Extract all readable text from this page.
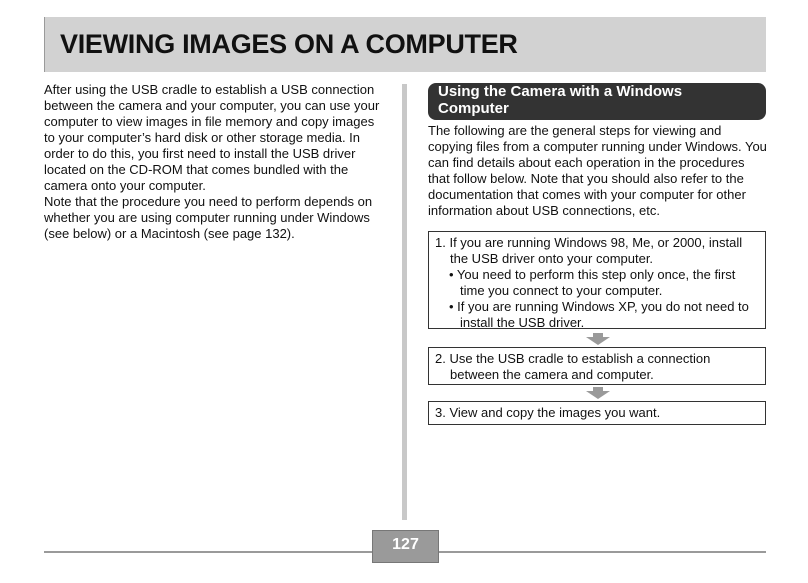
VIEWING IMAGES ON A COMPUTER

After using the USB cradle to establish a USB connection between the camera and your computer, you can use your computer to view images in file memory and copy images to your computer’s hard disk or other storage media. In order to do this, you first need to install the USB driver located on the CD-ROM that comes bundled with the camera onto your computer.

Note that the procedure you need to perform depends on whether you are using computer running under Windows (see below) or a Macintosh (see page 132).

Using the Camera with a Windows
Computer

The following are the general steps for viewing and copying files from a computer running under Windows. You can find details about each operation in the procedures that follow below. Note that you should also refer to the documentation that comes with your computer for other information about USB connections, etc.

1. If you are running Windows 98, Me, or 2000, install the USB driver onto your computer.
• You need to perform this step only once, the first time you connect to your computer.
• If you are running Windows XP, you do not need to install the USB driver.
2. Use the USB cradle to establish a connection between the camera and computer.
3. View and copy the images you want.
127
